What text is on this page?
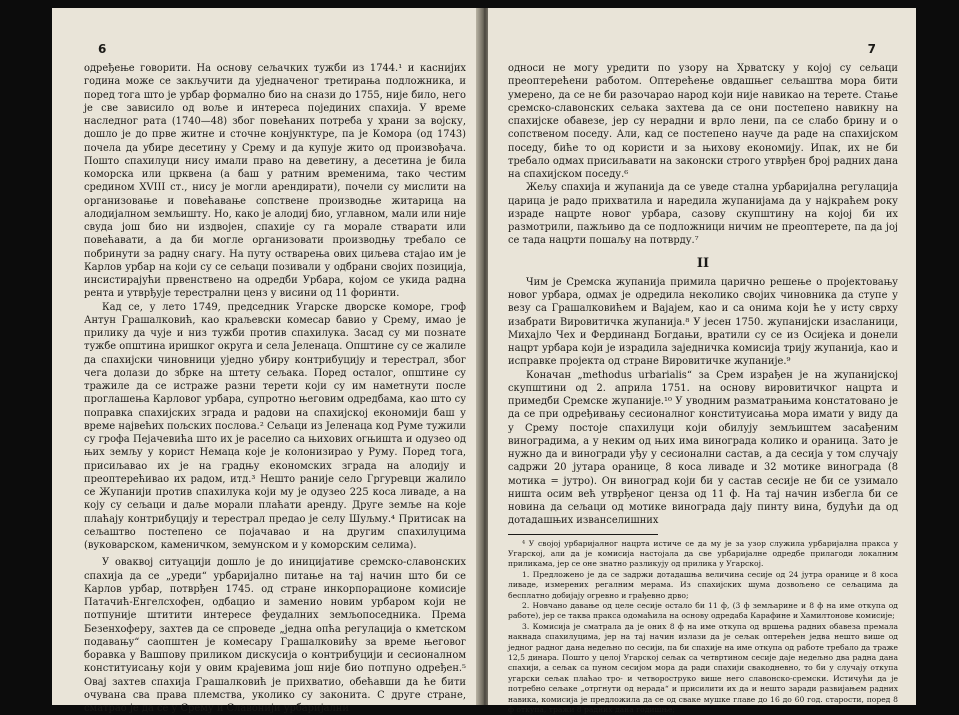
6

одређење говорити. На основу сељачких тужби из 1744.¹ и каснијих година може се закључити да уједначеног третирања подложника, и поред тога што је урбар формално био на снази до 1755, није било, него је све зависило од воље и интереса појединих спахија. У време наследног рата (1740—48) због повећаних потреба у храни за војску, дошло је до прве житне и сточне конјунктуре, па је Комора (од 1743) почела да убире десетину у Срему и да купује жито од произвођача. Пошто спахилуци нису имали право на деветину, а десетина је била коморска или црквена (а баш у ратним временима, тако честим средином XVIII ст., нису је могли арендирати), почели су мислити на организовање и повећавање сопствене производње житарица на алодијалном земљишту. Но, како је алодиј био, углавном, мали или није свуда још био ни издвојен, спахије су га морале стварати или повећавати, а да би могле организовати производњу требало се побринути за радну снагу. На путу остварења ових циљева стајао им је Карлов урбар на који су се сељаци позивали у одбрани својих позиција, инсистирајући првенствено на одредби Урбара, којом се укида радна рента и утврђује терестрални ценз у висини од 11 форинти.

Кад се, у лето 1749, председник Угарске дворске коморе, гроф Антун Грашалковић, као краљевски комесар бавио у Срему, имао је прилику да чује и низ тужби против спахилука. Засад су ми познате тужбе општина иришког округа и села Јеленаца. Општине су се жалиле да спахијски чиновници уједно убиру контрибуцију и терестрал, због чега долази до збрке на штету сељака. Поред осталог, општине су тражиле да се истраже разни терети који су им наметнути после проглашења Карловог урбара, супротно његовим одредбама, као што су поправка спахијских зграда и радови на спахијској економији баш у време највећих пољских послова.² Сељаци из Јеленаца код Руме тужили су грофа Пејачевића што их је раселио са њихових огњишта и одузео од њих земљу у корист Немаца које је колонизирао у Руму. Поред тога, присиљавао их је на градњу економских зграда на алодију и преоптерећивао их радом, итд.³ Нешто раније село Гргуревци жалило се Жупанији против спахилука који му је одузео 225 коса ливаде, а на коју су сељаци и даље морали плаћати аренду. Друге земље на које плаћају контрибуцију и терестрал предао је селу Шуљму.⁴ Притисак на сељаштво постепено се појачавао и на другим спахилуцима (вуковарском, каменичком, земунском и у коморским селима).

У оваквој ситуацији дошло је до иницијативе сремско-славонских спахија да се „уреди“ урбаријално питање на тај начин што би се Карлов урбар, потврђен 1745. од стране инкорпорационе комисије Патачић-Енгелсхофен, одбацио и заменио новим урбаром који не потпуније штитити интересе феудалних земљопоседника. Према Безенхоферу, захтев да се спроведе „једна опћа регулација о кметском подавању“ саопштен је комесару Грашалковићу за време његовог боравка у Вашпову приликом дискусија о контрибуцији и сесионалном конституисању који у овим крајевима још није био потпуно одређен.⁵ Овај захтев спахија Грашалковић је прихватио, обећавши да ће бити очувана сва права племства, уколико су законита. С друге стране, сматрао је да се у Срему и Славонији урбаријални

7

односи не могу уредити по узору на Хрватску у којој су сељаци преоптерећени работом. Оптерећење овдашњег сељаштва мора бити умерено, да се не би разочарао народ који није навикао на терете. Стање сремско-славонских сељака захтева да се они постепено навикну на спахијске обавезе, јер су нерадни и врло лени, па се слабо брину и о сопственом поседу. Али, кад се постепено науче да раде на спахијском поседу, биће то од користи и за њихову економију. Ипак, их не би требало одмах присиљавати на законски строго утврђен број радних дана на спахијском поседу.⁶

Жељу спахија и жупанија да се уведе стална урбаријална регулација царица је радо прихватила и наредила жупанијама да у најкраћем року израде нацрте новог урбара, сазову скупштину на којој би их размотрили, пажљиво да се подложници ничим не преоптерете, па да јој се тада нацрти пошаљу на потврду.⁷

II

Чим је Сремска жупанија примила царично решење о пројектовању новог урбара, одмах је одредила неколико својих чиновника да ступе у везу са Грашалковићем и Вајаjем, као и са онима који ће у исту сврху изабрати Вировитичка жупанија.⁸ У јесен 1750. жупанијски изасланици, Михајло Чех и Фердинанд Богдањи, вратили су се из Осијека и донели нацрт урбара који је израдила заједничка комисија трију жупанија, као и исправке пројекта од стране Вировитичке жупаније.⁹

Коначан „methodus urbarialis“ за Срем израђен је на жупанијској скупштини од 2. априла 1751. на основу вировитичког нацрта и примедби Сремске жупаније.¹⁰ У уводним разматрањима констатовано је да се при одређивању сесионалног конституисања мора имати у виду да у Срему постоје спахилуци који обилују земљиштем засађеним виноградима, а у неким од њих има винограда колико и ораница. Зато је нужно да и виногради уђу у сесионални састав, а да сесија у том случају садржи 20 јутара оранице, 8 коса ливаде и 32 мотике винограда (8 мотика = јутро). Он виноград који би у састав сесије не би се узимало ништа осим већ утврђеног ценза од 11 ф. На тај начин избегла би се новина да сељаци од мотике винограда дају пинту вина, будући да од дотадашњих изванселишних

⁴ У својој урбаријалног нацрта истиче се да му је за узор служила урбаријална пракса у Угарској, али да је комисија настојала да све урбаријалне одредбе прилагоди локалним приликама, јер се оне знатно разликују од прилика у Угарској.

1. Предложено је да се задржи дотадашња величина сесије од 24 јутра оранице и 8 коса ливаде, измерених регалним мерама. Из спахијских шума дозвољено се сељацима да бесплатно добијају огревно и грађевно дрво;

2. Новчано давање од целе сесије остало би 11 ф, (3 ф земљарине и 8 ф на име откупа од работе), јер се таква пракса одомаћила на основу одредаба Карафине и Хамилтонове комисије;

3. Комисија је сматрала да је оних 8 ф на име откупа од вршења радних обавеза премала накнада спахилуцима, јер на тај начин излази да је сељак оптерећен једва нешто више од једног радног дана недељно по сесији, па би спахије на име откупа од работе требало да траже 12,5 динара. Пошто у целој Угарској сељак са четвртином сесије даје недељно два радна дана спахији, а сељак са пуном сесијом мора да ради спахији свакодневно, то би у случају откупа угарски сељак плаћао тро- и четвороструко више него славонско-сремски. Истичући да је потребно сељаке „отргнути од нерада“ и присилити их да и нешто заради развијањем радних навика, комисија је предложила да се од свакe мушке главе до 16 до 60 год. старости, поред 8 ф откупа, тражи 8 радних дана годишње;
